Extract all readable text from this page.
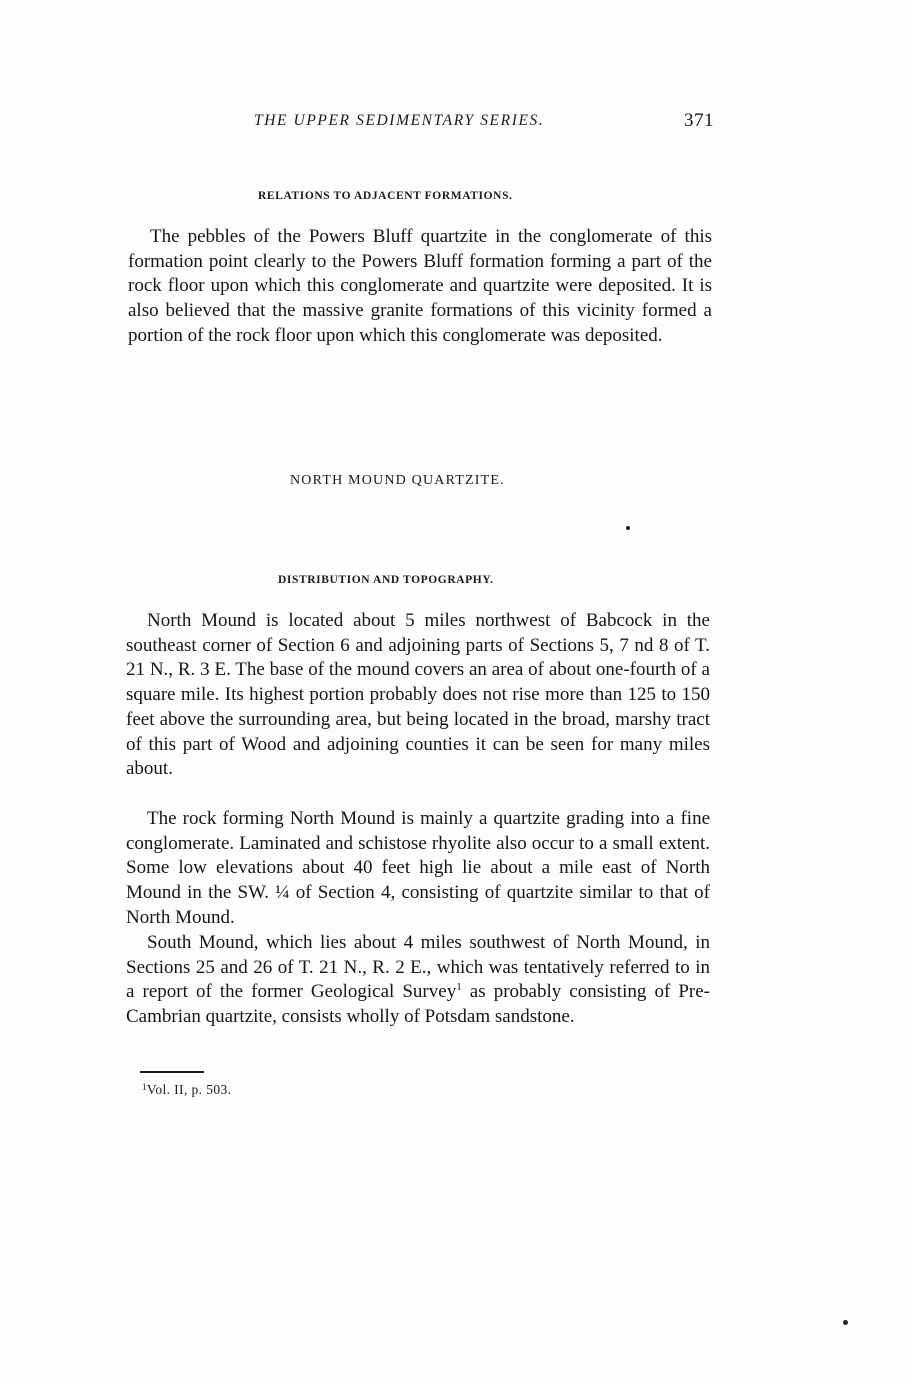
THE UPPER SEDIMENTARY SERIES.	371
RELATIONS TO ADJACENT FORMATIONS.

The pebbles of the Powers Bluff quartzite in the conglomerate of this formation point clearly to the Powers Bluff formation forming a part of the rock floor upon which this conglomerate and quartzite were deposited. It is also believed that the massive granite formations of this vicinity formed a portion of the rock floor upon which this conglomerate was deposited.

NORTH MOUND QUARTZITE.
DISTRIBUTION AND TOPOGRAPHY.

North Mound is located about 5 miles northwest of Babcock in the southeast corner of Section 6 and adjoining parts of Sections 5, 7 nd 8 of T. 21 N., R. 3 E. The base of the mound covers an area of about one-fourth of a square mile. Its highest portion probably does not rise more than 125 to 150 feet above the surrounding area, but being located in the broad, marshy tract of this part of Wood and adjoining counties it can be seen for many miles about.

The rock forming North Mound is mainly a quartzite grading into a fine conglomerate. Laminated and schistose rhyolite also occur to a small extent. Some low elevations about 40 feet high lie about a mile east of North Mound in the SW. ¼ of Section 4, consisting of quartzite similar to that of North Mound.

South Mound, which lies about 4 miles southwest of North Mound, in Sections 25 and 26 of T. 21 N., R. 2 E., which was tentatively referred to in a report of the former Geological Survey$^1$ as probably consisting of Pre-Cambrian quartzite, consists wholly of Potsdam sandstone.

$^1$Vol. II, p. 503.
